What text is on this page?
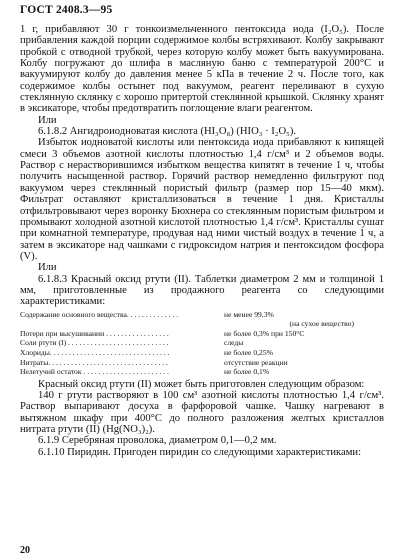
ГОСТ 2408.3—95

1 г, прибавляют 30 г тонкоизмельченного пентоксида иода (I₂O₅). После прибавления каждой порции содержимое колбы встряхивают. Колбу закрывают пробкой с отводной трубкой, через которую колбу может быть вакуумирована. Колбу погружают до шлифа в масляную баню с температурой 200°С и вакуумируют колбу до давления менее 5 кПа в течение 2 ч. После того, как содержимое колбы остынет под вакуумом, реагент переливают в сухую стеклянную склянку с хорошо притертой стеклянной крышкой. Склянку хранят в эксикаторе, чтобы предотвратить поглощение влаги реагентом.

Или

6.1.8.2 Ангидроиодноватая кислота (HI₃O₈) (HIO₃ · I₂O₅).

Избыток иодноватой кислоты или пентоксида иода прибавляют к кипящей смеси 3 объемов азотной кислоты плотностью 1,4 г/см³ и 2 объемов воды. Раствор с нерастворившимся избытком вещества кипятят в течение 1 ч, чтобы получить насыщенной раствор. Горячий раствор немедленно фильтруют под вакуумом через стеклянный пористый фильтр (размер пор 15—40 мкм). Фильтрат оставляют кристаллизоваться в течение 1 дня. Кристаллы отфильтровывают через воронку Бюхнера со стеклянным пористым фильтром и промывают холодной азотной кислотой плотностью 1,4 г/см³. Кристаллы сушат при комнатной температуре, продувая над ними чистый воздух в течение 1 ч, а затем в эксикаторе над чашками с гидроксидом натрия и пентоксидом фосфора (V).

Или

6.1.8.3 Красный оксид ртути (II). Таблетки диаметром 2 мм и толщиной 1 мм, приготовленные из продажного реагента со следующими характеристиками:

Содержание основного вещества. . . . . . . . . . . . . .	не менее 99,3%
(на сухое вещество)
Потери при высушивании . . . . . . . . . . . . . . . . .	не более 0,3% при 150°С
Соли ртути (I) . . . . . . . . . . . . . . . . . . . . . . . . . . .	следы
Хлориды. . . . . . . . . . . . . . . . . . . . . . . . . . . . . . . .	не более 0,25%
Нитраты. . . . . . . . . . . . . . . . . . . . . . . . . . . . . . . .	отсутствие реакции
Нелетучий остаток . . . . . . . . . . . . . . . . . . . . . . .	не более 0,1%

Красный оксид ртути (II) может быть приготовлен следующим образом:

140 г ртути растворяют в 100 см³ азотной кислоты плотностью 1,4 г/см³. Раствор выпаривают досуха в фарфоровой чашке. Чашку нагревают в вытяжном шкафу при 400°С до полного разложения желтых кристаллов нитрата ртути (II) (Hg(NO₃)₂).

6.1.9 Серебряная проволока, диаметром 0,1—0,2 мм.

6.1.10 Пиридин. Пригоден пиридин со следующими характеристиками:

20
